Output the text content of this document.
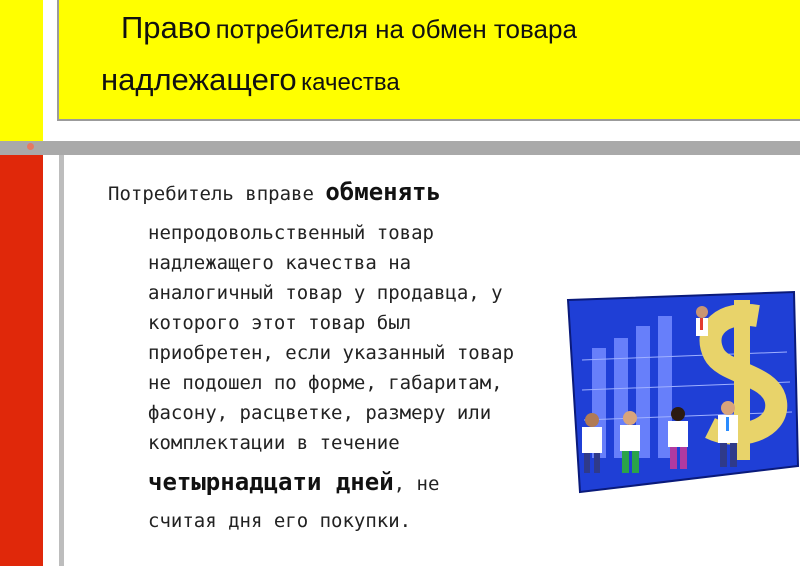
Право потребителя на обмен товара
надлежащего качества
Потребитель вправе обменять
непродовольственный товар
надлежащего качества на
аналогичный товар у продавца, у
которого этот товар был
приобретен, если указанный товар
не подошел по форме, габаритам,
фасону, расцветке, размеру или
комплектации в течение
четырнадцати дней, не
считая дня его покупки.
